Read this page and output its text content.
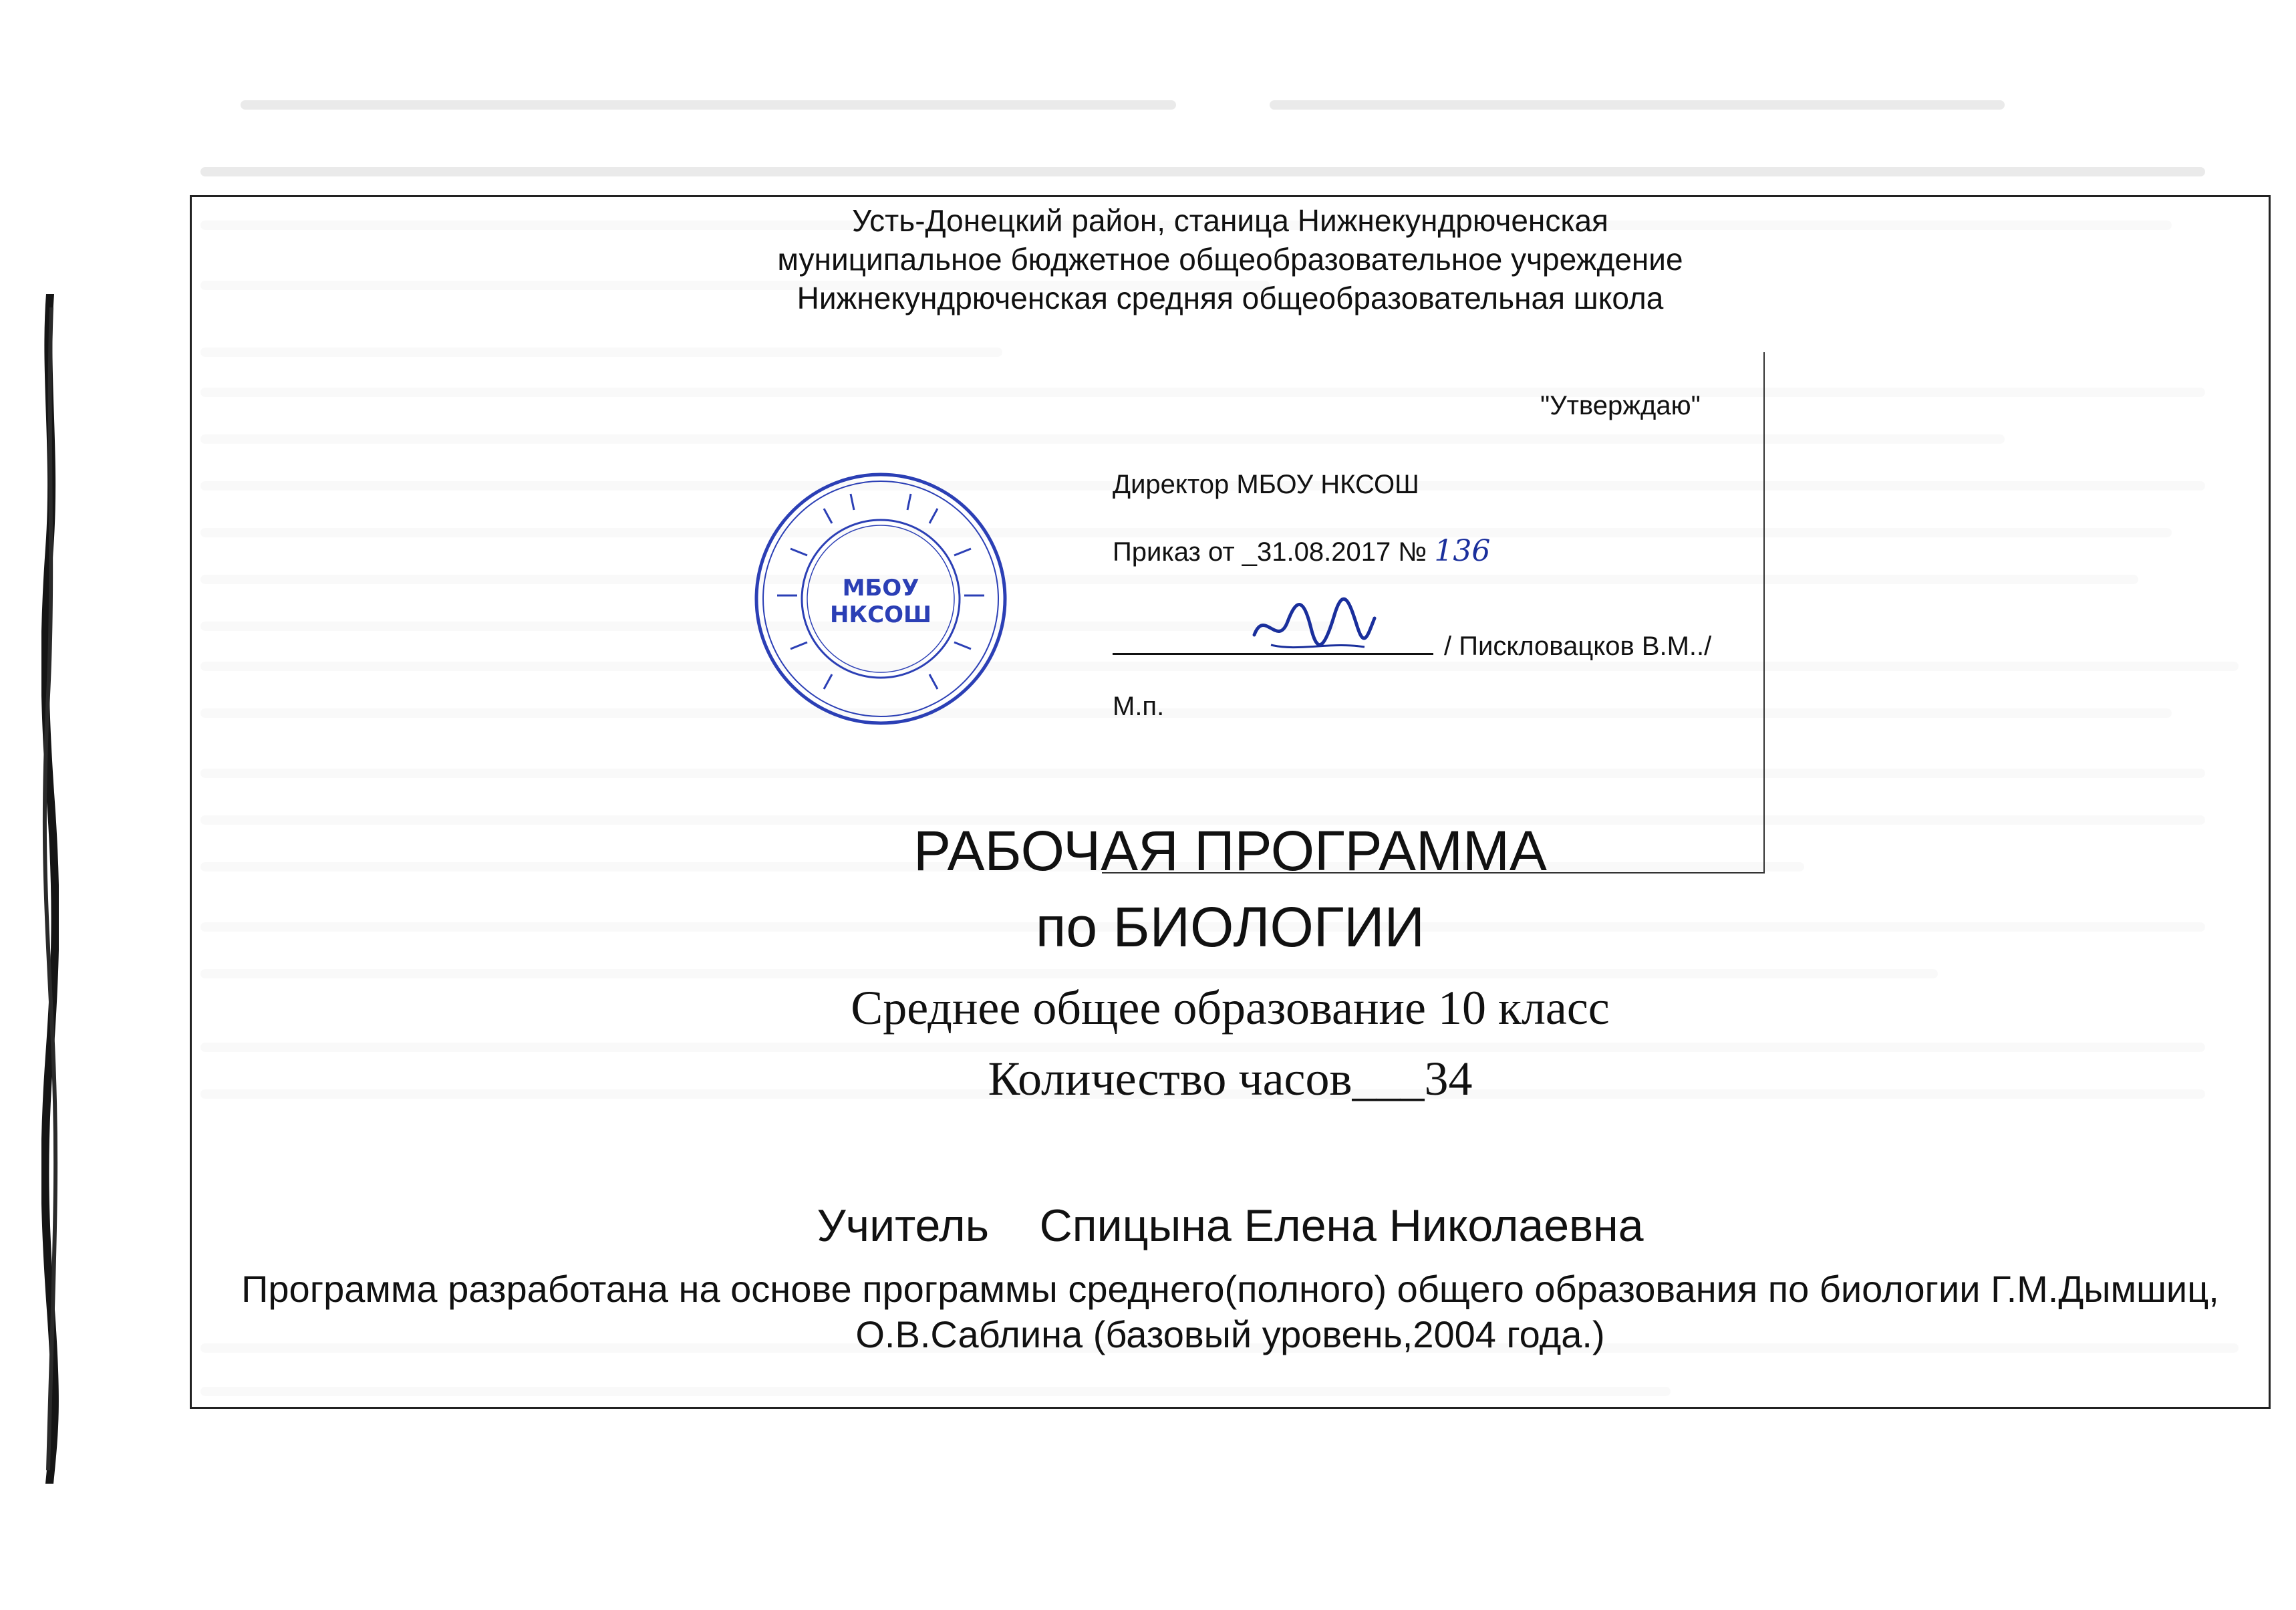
Усть-Донецкий район, станица Нижнекундрюченская
муниципальное бюджетное общеобразовательное учреждение
Нижнекундрюченская средняя общеобразовательная школа
"Утверждаю"
Директор МБОУ НКСОШ
Приказ от _31.08.2017 № 136
/ Пискловацков В.М../
М.п.
МБОУ
НКСОШ
РАБОЧАЯ ПРОГРАММА
по БИОЛОГИИ
Среднее общее образование 10 класс
Количество часов___34
Учитель    Спицына Елена Николаевна
Программа разработана на основе программы среднего(полного) общего образования по биологии Г.М.Дымшиц, О.В.Саблина (базовый уровень,2004 года.)
